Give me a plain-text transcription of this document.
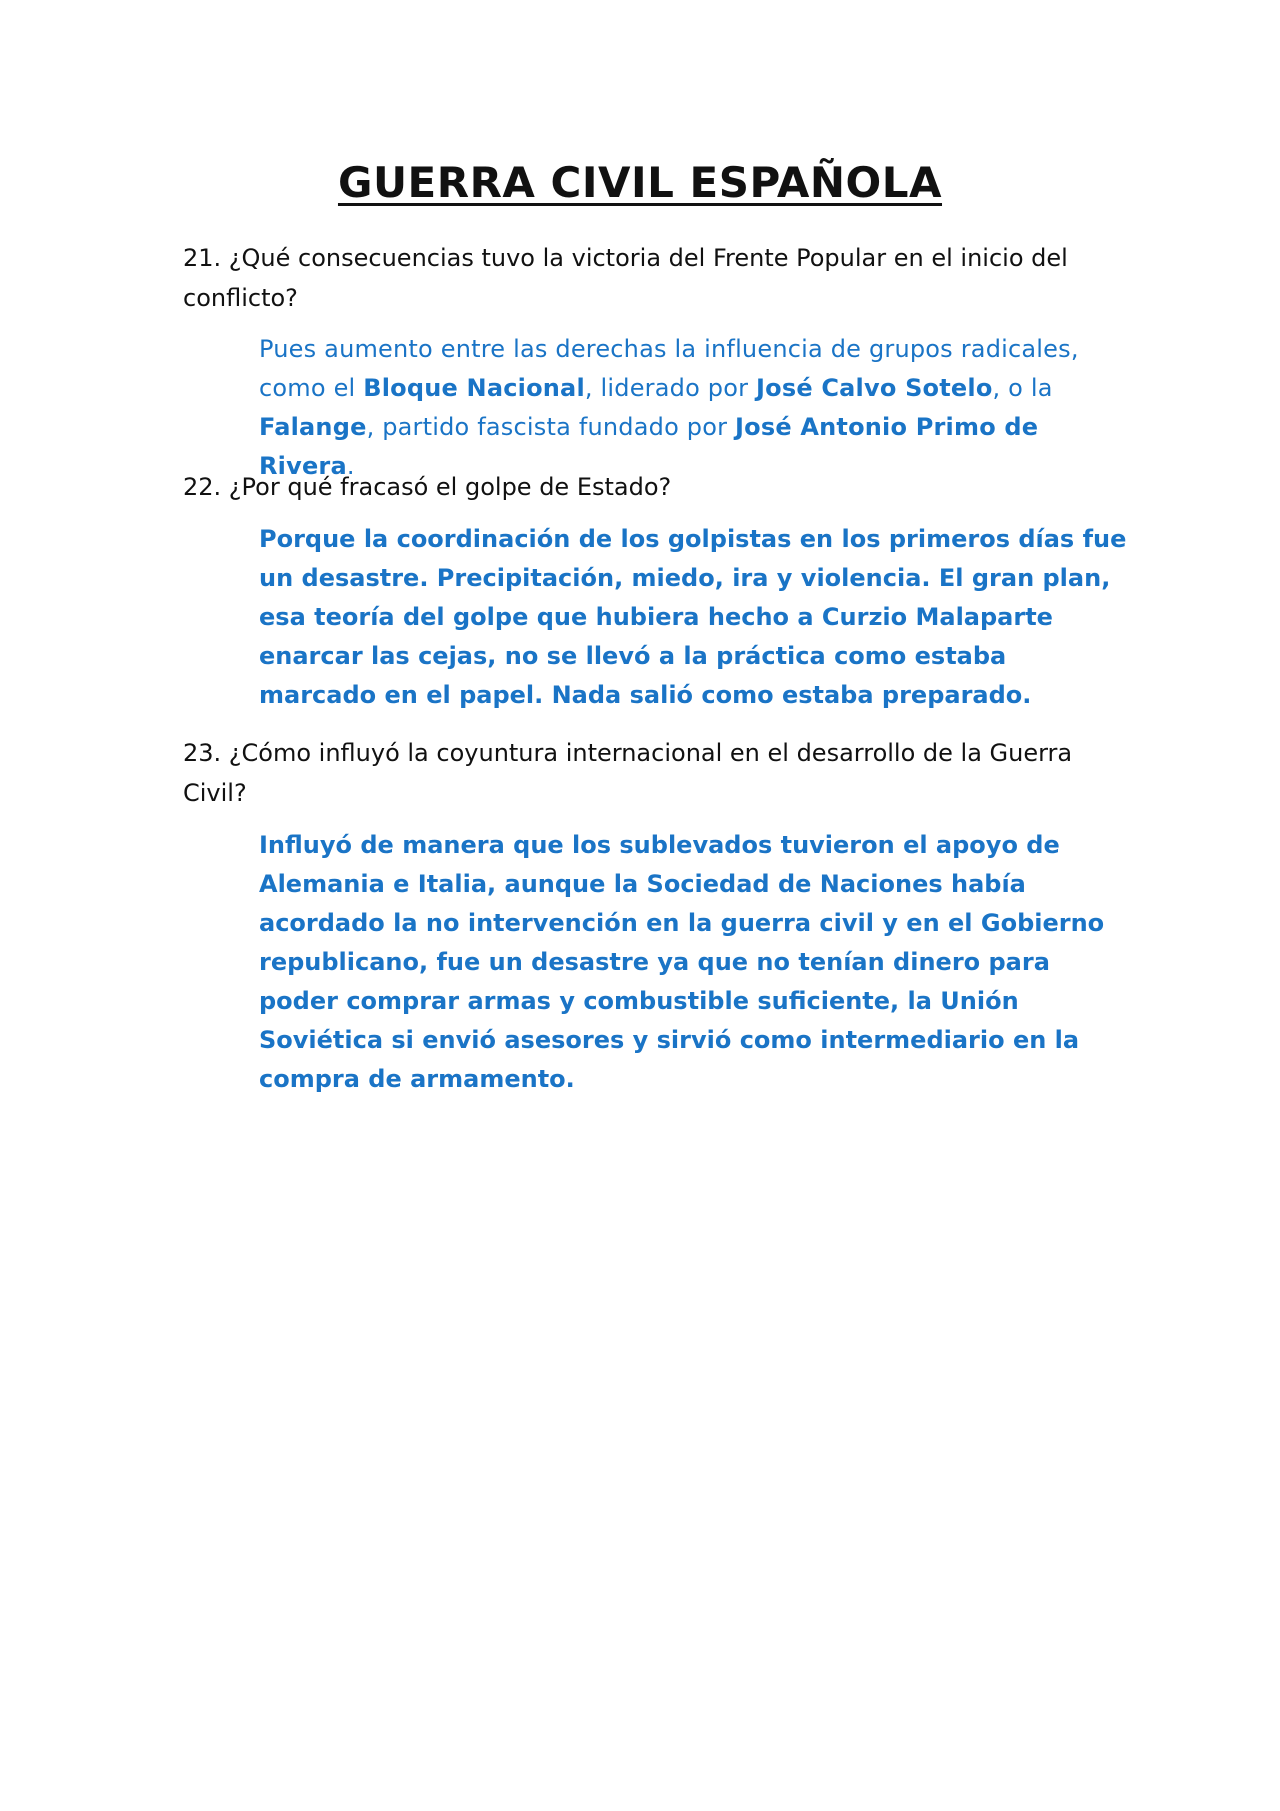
GUERRA CIVIL ESPAÑOLA
21. ¿Qué consecuencias tuvo la victoria del Frente Popular en el inicio del conflicto?
Pues aumento entre las derechas la influencia de grupos radicales, como el Bloque Nacional, liderado por José Calvo Sotelo, o la Falange, partido fascista fundado por José Antonio Primo de Rivera.
22. ¿Por qué fracasó el golpe de Estado?
Porque la coordinación de los golpistas en los primeros días fue un desastre. Precipitación, miedo, ira y violencia. El gran plan, esa teoría del golpe que hubiera hecho a Curzio Malaparte enarcar las cejas, no se llevó a la práctica como estaba marcado en el papel. Nada salió como estaba preparado.
23. ¿Cómo influyó la coyuntura internacional en el desarrollo de la Guerra Civil?
Influyó de manera que los sublevados tuvieron el apoyo de Alemania e Italia, aunque la Sociedad de Naciones había acordado la no intervención en la guerra civil y en el Gobierno republicano, fue un desastre ya que no tenían dinero para poder comprar armas y combustible suficiente, la Unión Soviética si envió asesores y sirvió como intermediario en la compra de armamento.
